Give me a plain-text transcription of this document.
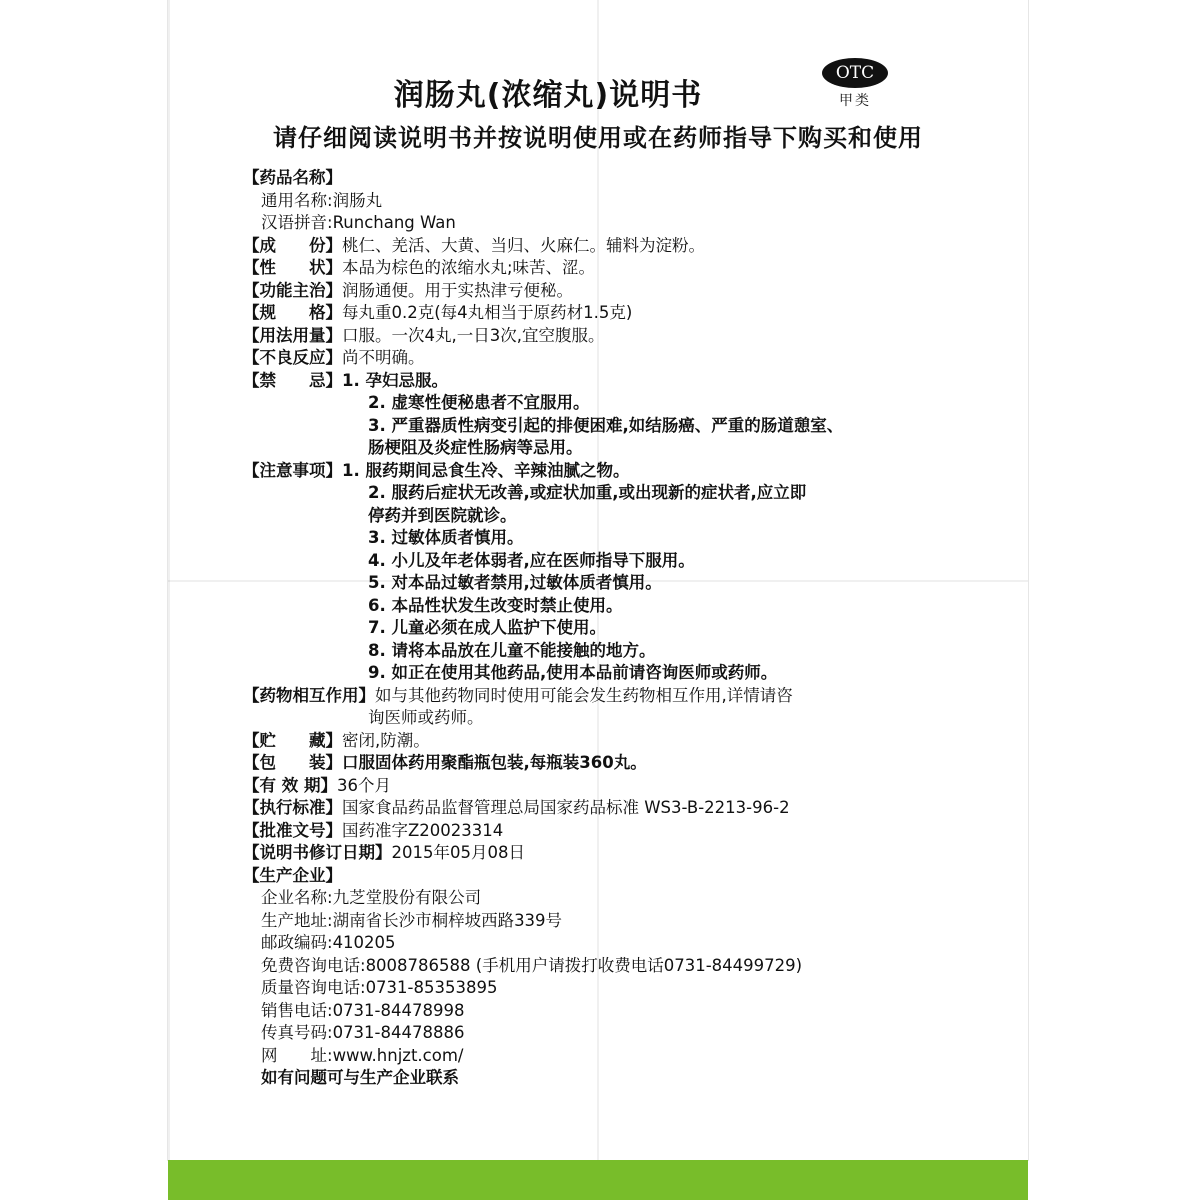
润肠丸(浓缩丸)说明书
OTC
甲类
请仔细阅读说明书并按说明使用或在药师指导下购买和使用
【药品名称】
通用名称: 润肠丸
汉语拼音: Runchang Wan
【成　　份】 桃仁、羌活、大黄、当归、火麻仁。辅料为淀粉。
【性　　状】 本品为棕色的浓缩水丸;味苦、涩。
【功能主治】 润肠通便。用于实热津亏便秘。
【规　　格】 每丸重0.2克(每4丸相当于原药材1.5克)
【用法用量】 口服。一次4丸,一日3次,宜空腹服。
【不良反应】 尚不明确。
【禁　　忌】 1. 孕妇忌服。
2. 虚寒性便秘患者不宜服用。
3. 严重器质性病变引起的排便困难,如结肠癌、严重的肠道憩室、
肠梗阻及炎症性肠病等忌用。
【注意事项】 1. 服药期间忌食生冷、辛辣油腻之物。
2. 服药后症状无改善,或症状加重,或出现新的症状者,应立即
停药并到医院就诊。
3. 过敏体质者慎用。
4. 小儿及年老体弱者,应在医师指导下服用。
5. 对本品过敏者禁用,过敏体质者慎用。
6. 本品性状发生改变时禁止使用。
7. 儿童必须在成人监护下使用。
8. 请将本品放在儿童不能接触的地方。
9. 如正在使用其他药品,使用本品前请咨询医师或药师。
【药物相互作用】 如与其他药物同时使用可能会发生药物相互作用,详情请咨
询医师或药师。
【贮　　藏】 密闭,防潮。
【包　　装】 口服固体药用聚酯瓶包装,每瓶装360丸。
【有 效 期】 36个月
【执行标准】 国家食品药品监督管理总局国家药品标准 WS3-B-2213-96-2
【批准文号】 国药准字Z20023314
【说明书修订日期】 2015年05月08日
【生产企业】
企业名称: 九芝堂股份有限公司
生产地址: 湖南省长沙市桐梓坡西路339号
邮政编码: 410205
免费咨询电话: 8008786588 (手机用户请拨打收费电话0731-84499729)
质量咨询电话: 0731-85353895
销售电话: 0731-84478998
传真号码: 0731-84478886
网　　址: www.hnjzt.com/
如有问题可与生产企业联系
